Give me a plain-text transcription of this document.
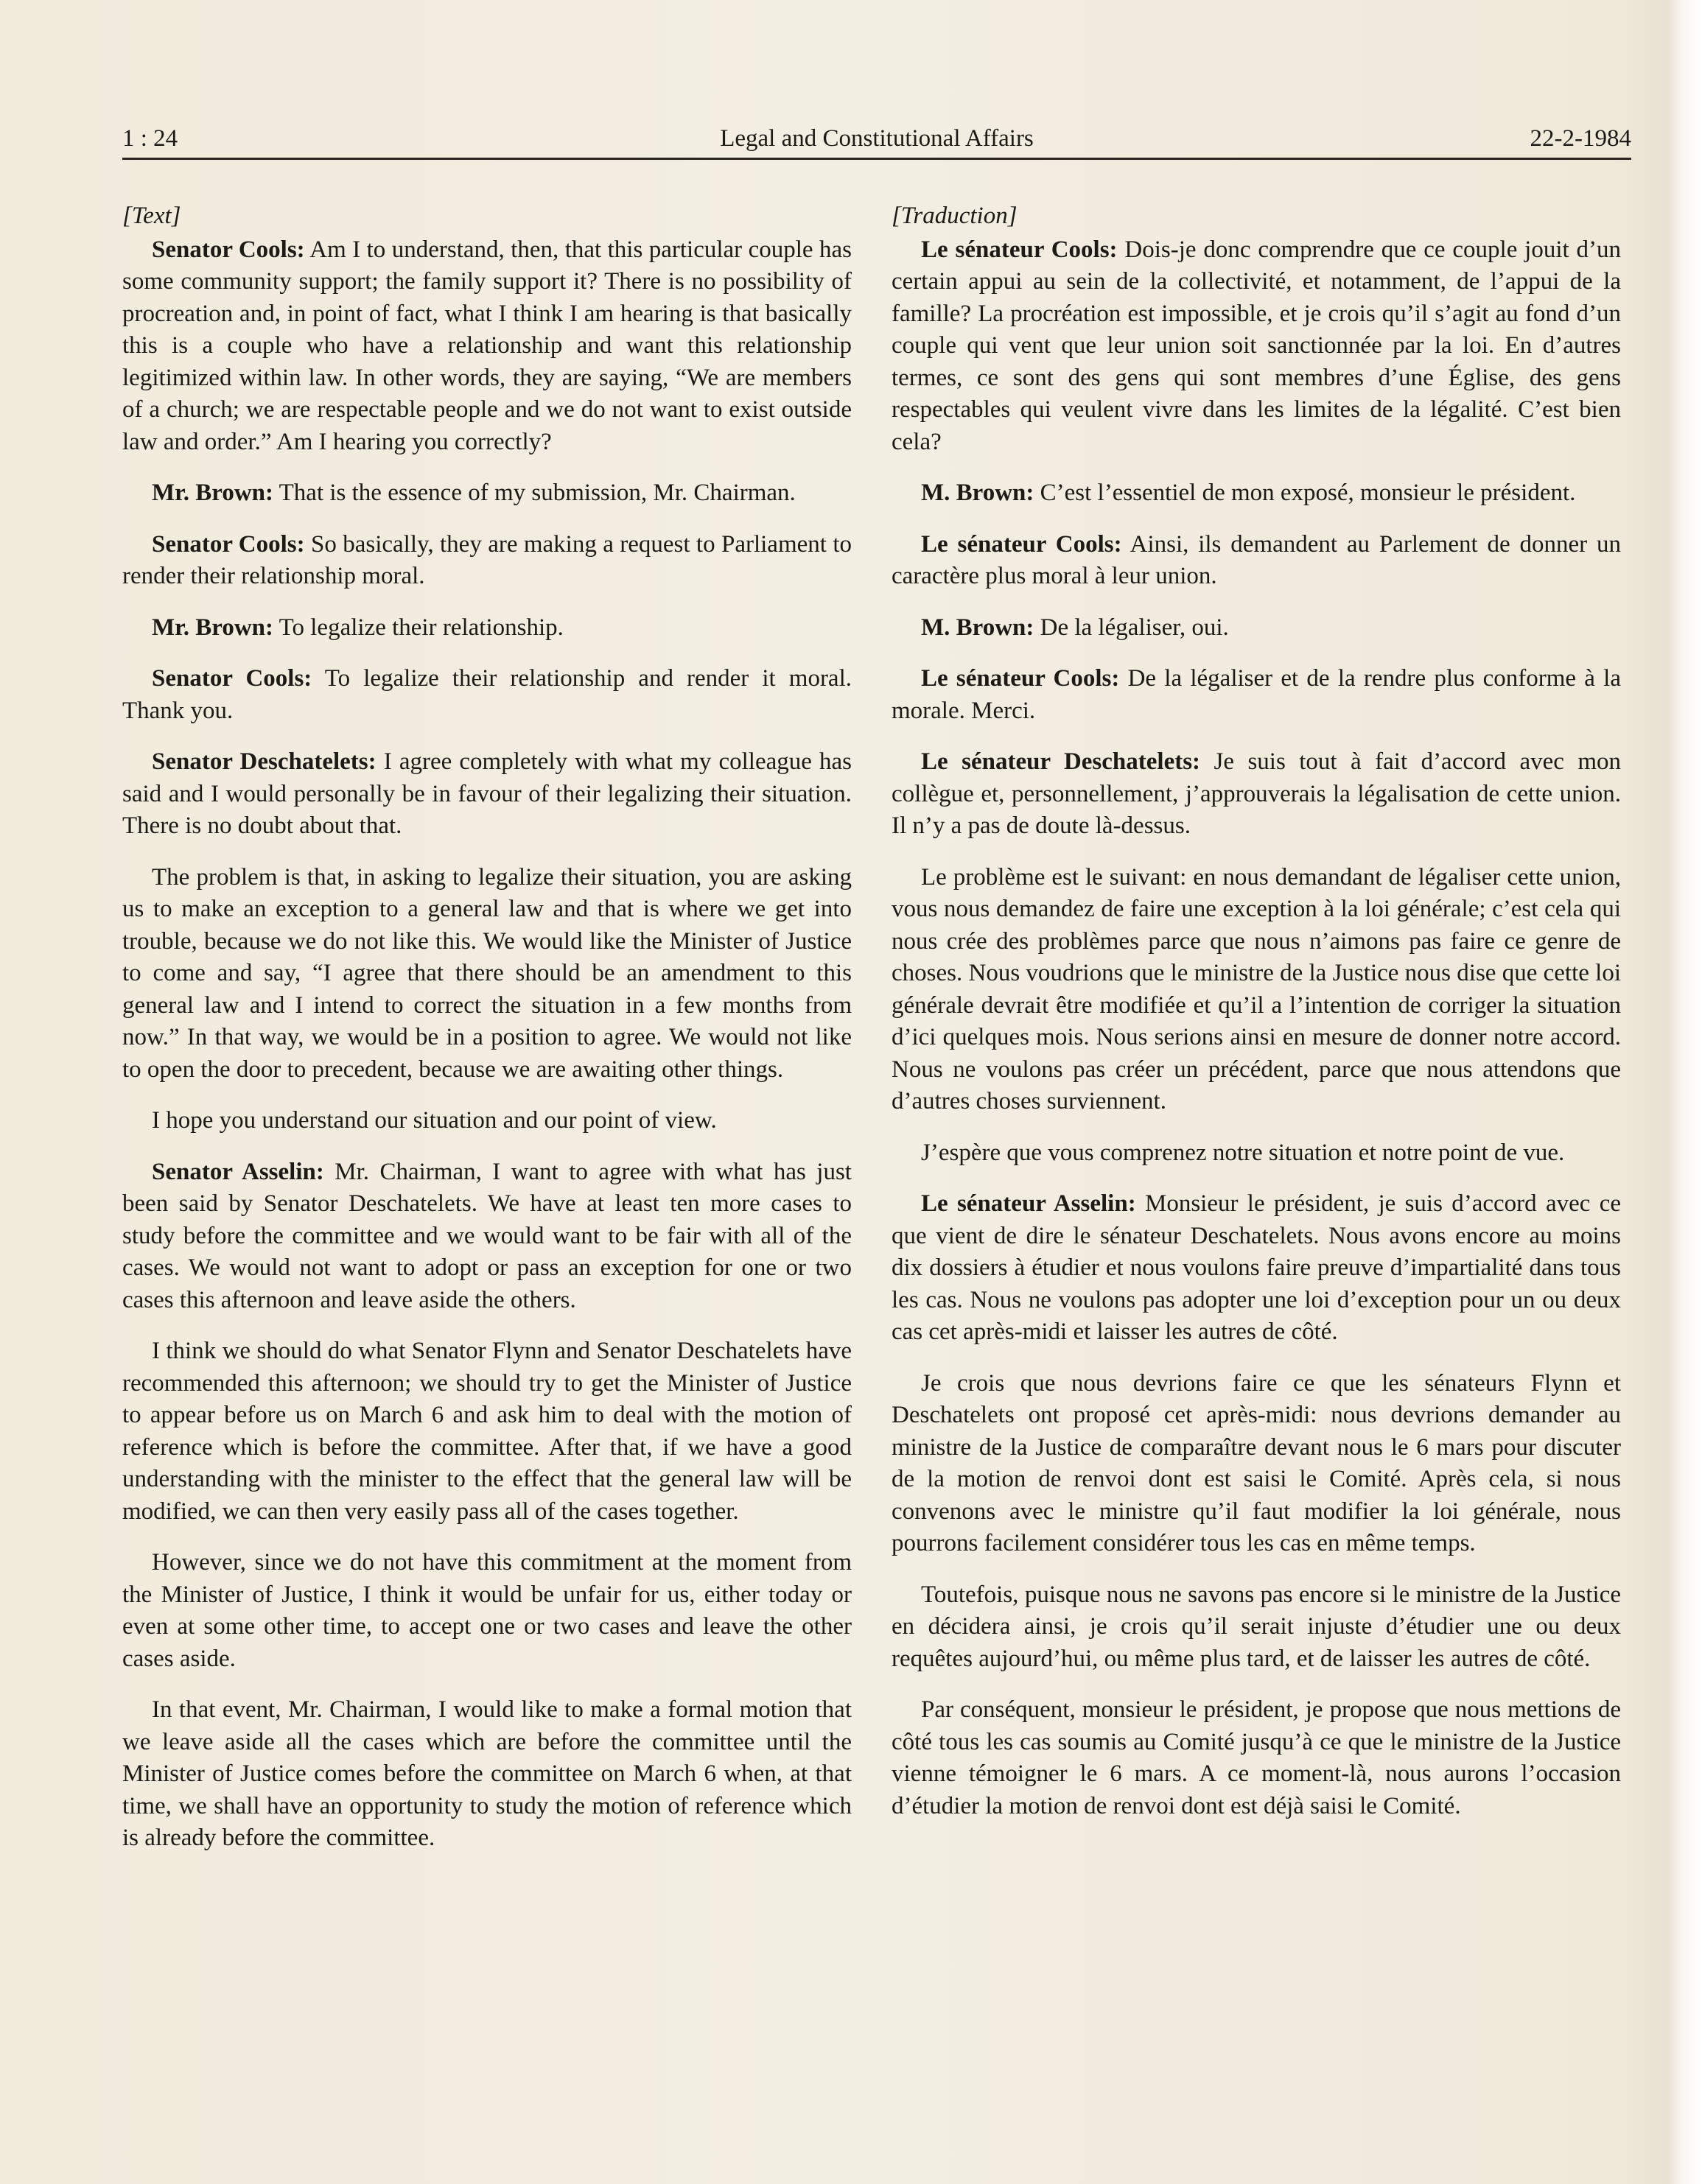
1 : 24	Legal and Constitutional Affairs	22-2-1984
[Text]

Senator Cools: Am I to understand, then, that this particular couple has some community support; the family support it? There is no possibility of procreation and, in point of fact, what I think I am hearing is that basically this is a couple who have a relationship and want this relationship legitimized within law. In other words, they are saying, “We are members of a church; we are respectable people and we do not want to exist outside law and order.” Am I hearing you correctly?

Mr. Brown: That is the essence of my submission, Mr. Chairman.

Senator Cools: So basically, they are making a request to Parliament to render their relationship moral.

Mr. Brown: To legalize their relationship.

Senator Cools: To legalize their relationship and render it moral. Thank you.

Senator Deschatelets: I agree completely with what my colleague has said and I would personally be in favour of their legalizing their situation. There is no doubt about that.

The problem is that, in asking to legalize their situation, you are asking us to make an exception to a general law and that is where we get into trouble, because we do not like this. We would like the Minister of Justice to come and say, “I agree that there should be an amendment to this general law and I intend to correct the situation in a few months from now.” In that way, we would be in a position to agree. We would not like to open the door to precedent, because we are awaiting other things.

I hope you understand our situation and our point of view.

Senator Asselin: Mr. Chairman, I want to agree with what has just been said by Senator Deschatelets. We have at least ten more cases to study before the committee and we would want to be fair with all of the cases. We would not want to adopt or pass an exception for one or two cases this afternoon and leave aside the others.

I think we should do what Senator Flynn and Senator Deschatelets have recommended this afternoon; we should try to get the Minister of Justice to appear before us on March 6 and ask him to deal with the motion of reference which is before the committee. After that, if we have a good understanding with the minister to the effect that the general law will be modified, we can then very easily pass all of the cases together.

However, since we do not have this commitment at the moment from the Minister of Justice, I think it would be unfair for us, either today or even at some other time, to accept one or two cases and leave the other cases aside.

In that event, Mr. Chairman, I would like to make a formal motion that we leave aside all the cases which are before the committee until the Minister of Justice comes before the committee on March 6 when, at that time, we shall have an opportunity to study the motion of reference which is already before the committee.

[Traduction]

Le sénateur Cools: Dois-je donc comprendre que ce couple jouit d’un certain appui au sein de la collectivité, et notamment, de l’appui de la famille? La procréation est impossible, et je crois qu’il s’agit au fond d’un couple qui vent que leur union soit sanctionnée par la loi. En d’autres termes, ce sont des gens qui sont membres d’une Église, des gens respectables qui veulent vivre dans les limites de la légalité. C’est bien cela?

M. Brown: C’est l’essentiel de mon exposé, monsieur le président.

Le sénateur Cools: Ainsi, ils demandent au Parlement de donner un caractère plus moral à leur union.

M. Brown: De la légaliser, oui.

Le sénateur Cools: De la légaliser et de la rendre plus conforme à la morale. Merci.

Le sénateur Deschatelets: Je suis tout à fait d’accord avec mon collègue et, personnellement, j’approuverais la légalisation de cette union. Il n’y a pas de doute là-dessus.

Le problème est le suivant: en nous demandant de légaliser cette union, vous nous demandez de faire une exception à la loi générale; c’est cela qui nous crée des problèmes parce que nous n’aimons pas faire ce genre de choses. Nous voudrions que le ministre de la Justice nous dise que cette loi générale devrait être modifiée et qu’il a l’intention de corriger la situation d’ici quelques mois. Nous serions ainsi en mesure de donner notre accord. Nous ne voulons pas créer un précédent, parce que nous attendons que d’autres choses surviennent.

J’espère que vous comprenez notre situation et notre point de vue.

Le sénateur Asselin: Monsieur le président, je suis d’accord avec ce que vient de dire le sénateur Deschatelets. Nous avons encore au moins dix dossiers à étudier et nous voulons faire preuve d’impartialité dans tous les cas. Nous ne voulons pas adopter une loi d’exception pour un ou deux cas cet après-midi et laisser les autres de côté.

Je crois que nous devrions faire ce que les sénateurs Flynn et Deschatelets ont proposé cet après-midi: nous devrions demander au ministre de la Justice de comparaître devant nous le 6 mars pour discuter de la motion de renvoi dont est saisi le Comité. Après cela, si nous convenons avec le ministre qu’il faut modifier la loi générale, nous pourrons facilement considérer tous les cas en même temps.

Toutefois, puisque nous ne savons pas encore si le ministre de la Justice en décidera ainsi, je crois qu’il serait injuste d’étudier une ou deux requêtes aujourd’hui, ou même plus tard, et de laisser les autres de côté.

Par conséquent, monsieur le président, je propose que nous mettions de côté tous les cas soumis au Comité jusqu’à ce que le ministre de la Justice vienne témoigner le 6 mars. A ce moment-là, nous aurons l’occasion d’étudier la motion de renvoi dont est déjà saisi le Comité.
